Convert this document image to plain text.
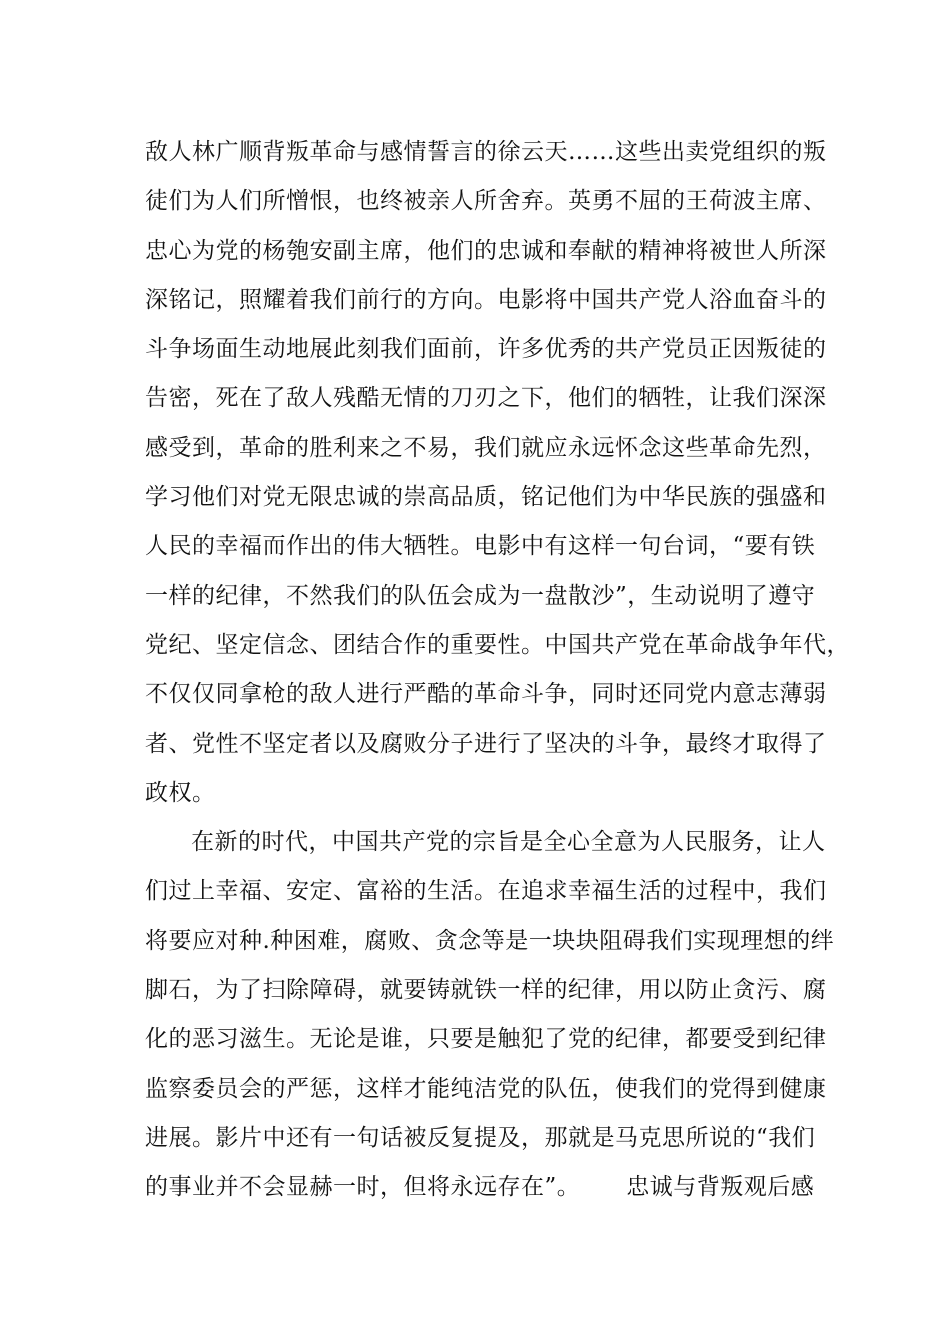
敌人林广顺背叛革命与感情誓言的徐云天……这些出卖党组织的叛
徒们为人们所憎恨，也终被亲人所舍弃。英勇不屈的王荷波主席、
忠心为党的杨匏安副主席，他们的忠诚和奉献的精神将被世人所深
深铭记，照耀着我们前行的方向。电影将中国共产党人浴血奋斗的
斗争场面生动地展此刻我们面前，许多优秀的共产党员正因叛徒的
告密，死在了敌人残酷无情的刀刃之下，他们的牺牲，让我们深深
感受到，革命的胜利来之不易，我们就应永远怀念这些革命先烈，
学习他们对党无限忠诚的崇高品质，铭记他们为中华民族的强盛和
人民的幸福而作出的伟大牺牲。电影中有这样一句台词，“要有铁
一样的纪律，不然我们的队伍会成为一盘散沙”，生动说明了遵守
党纪、坚定信念、团结合作的重要性。中国共产党在革命战争年代，
不仅仅同拿枪的敌人进行严酷的革命斗争，同时还同党内意志薄弱
者、党性不坚定者以及腐败分子进行了坚决的斗争，最终才取得了
政权。
在新的时代，中国共产党的宗旨是全心全意为人民服务，让人
们过上幸福、安定、富裕的生活。在追求幸福生活的过程中，我们
将要应对种.种困难，腐败、贪念等是一块块阻碍我们实现理想的绊
脚石，为了扫除障碍，就要铸就铁一样的纪律，用以防止贪污、腐
化的恶习滋生。无论是谁，只要是触犯了党的纪律，都要受到纪律
监察委员会的严惩，这样才能纯洁党的队伍，使我们的党得到健康
进展。影片中还有一句话被反复提及，那就是马克思所说的“我们
的事业并不会显赫一时，但将永远存在”。 忠诚与背叛观后感
